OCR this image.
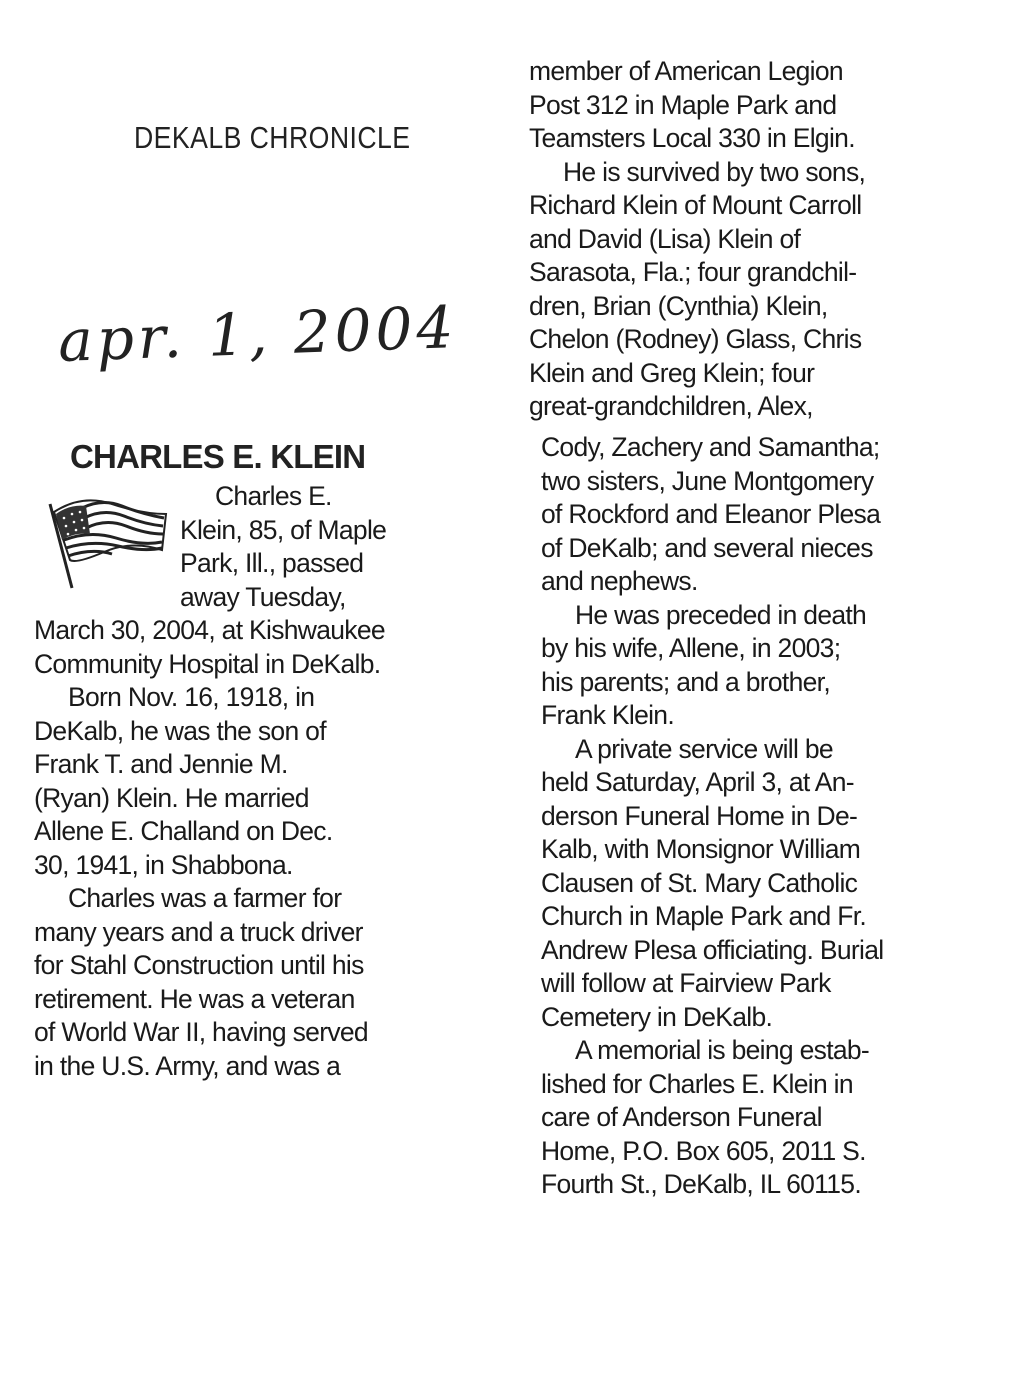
DEKALB CHRONICLE
apr. 1, 2004
CHARLES E. KLEIN
Charles E.
Klein, 85, of Maple
Park, Ill., passed
away Tuesday,
March 30, 2004, at Kishwaukee
Community Hospital in DeKalb.
Born Nov. 16, 1918, in
DeKalb, he was the son of
Frank T. and Jennie M.
(Ryan) Klein. He married
Allene E. Challand on Dec.
30, 1941, in Shabbona.
Charles was a farmer for
many years and a truck driver
for Stahl Construction until his
retirement. He was a veteran
of World War II, having served
in the U.S. Army, and was a
member of American Legion
Post 312 in Maple Park and
Teamsters Local 330 in Elgin.
He is survived by two sons,
Richard Klein of Mount Carroll
and David (Lisa) Klein of
Sarasota, Fla.; four grandchil-
dren, Brian (Cynthia) Klein,
Chelon (Rodney) Glass, Chris
Klein and Greg Klein; four
great-grandchildren, Alex,
Cody, Zachery and Samantha;
two sisters, June Montgomery
of Rockford and Eleanor Plesa
of DeKalb; and several nieces
and nephews.
He was preceded in death
by his wife, Allene, in 2003;
his parents; and a brother,
Frank Klein.
A private service will be
held Saturday, April 3, at An-
derson Funeral Home in De-
Kalb, with Monsignor William
Clausen of St. Mary Catholic
Church in Maple Park and Fr.
Andrew Plesa officiating. Burial
will follow at Fairview Park
Cemetery in DeKalb.
A memorial is being estab-
lished for Charles E. Klein in
care of Anderson Funeral
Home, P.O. Box 605, 2011 S.
Fourth St., DeKalb, IL 60115.
